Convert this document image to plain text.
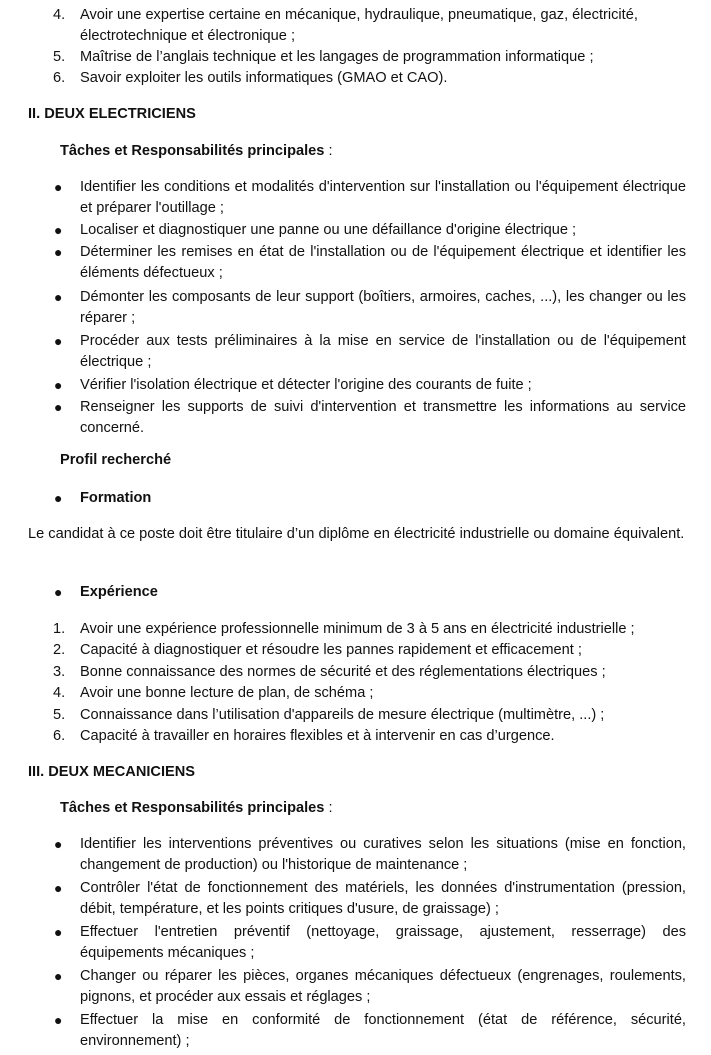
4. Avoir une expertise certaine en mécanique, hydraulique, pneumatique, gaz, électricité, électrotechnique et électronique ;
5. Maîtrise de l’anglais technique et les langages de programmation informatique ;
6. Savoir exploiter les outils informatiques (GMAO et CAO).
II. DEUX ELECTRICIENS
Tâches et Responsabilités principales :
● Identifier les conditions et modalités d'intervention sur l'installation ou l'équipement électrique et préparer l'outillage ;
● Localiser et diagnostiquer une panne ou une défaillance d'origine électrique ;
● Déterminer les remises en état de l'installation ou de l'équipement électrique et identifier les éléments défectueux ;
● Démonter les composants de leur support (boîtiers, armoires, caches, ...), les changer ou les réparer ;
● Procéder aux tests préliminaires à la mise en service de l'installation ou de l'équipement électrique ;
● Vérifier l'isolation électrique et détecter l'origine des courants de fuite ;
● Renseigner les supports de suivi d'intervention et transmettre les informations au service concerné.
Profil recherché
● Formation
Le candidat à ce poste doit être titulaire d’un diplôme en électricité industrielle ou domaine équivalent.
● Expérience
1. Avoir une expérience professionnelle minimum de 3 à 5 ans en électricité industrielle ;
2. Capacité à diagnostiquer et résoudre les pannes rapidement et efficacement ;
3. Bonne connaissance des normes de sécurité et des réglementations électriques ;
4. Avoir une bonne lecture de plan, de schéma ;
5. Connaissance dans l’utilisation d'appareils de mesure électrique (multimètre, ...) ;
6. Capacité à travailler en horaires flexibles et à intervenir en cas d’urgence.
III. DEUX MECANICIENS
Tâches et Responsabilités principales :
● Identifier les interventions préventives ou curatives selon les situations (mise en fonction, changement de production) ou l'historique de maintenance ;
● Contrôler l'état de fonctionnement des matériels, les données d'instrumentation (pression, débit, température, et les points critiques d'usure, de graissage) ;
● Effectuer l'entretien préventif (nettoyage, graissage, ajustement, resserrage) des équipements mécaniques ;
● Changer ou réparer les pièces, organes mécaniques défectueux (engrenages, roulements, pignons, et procéder aux essais et réglages ;
● Effectuer la mise en conformité de fonctionnement (état de référence, sécurité, environnement) ;
